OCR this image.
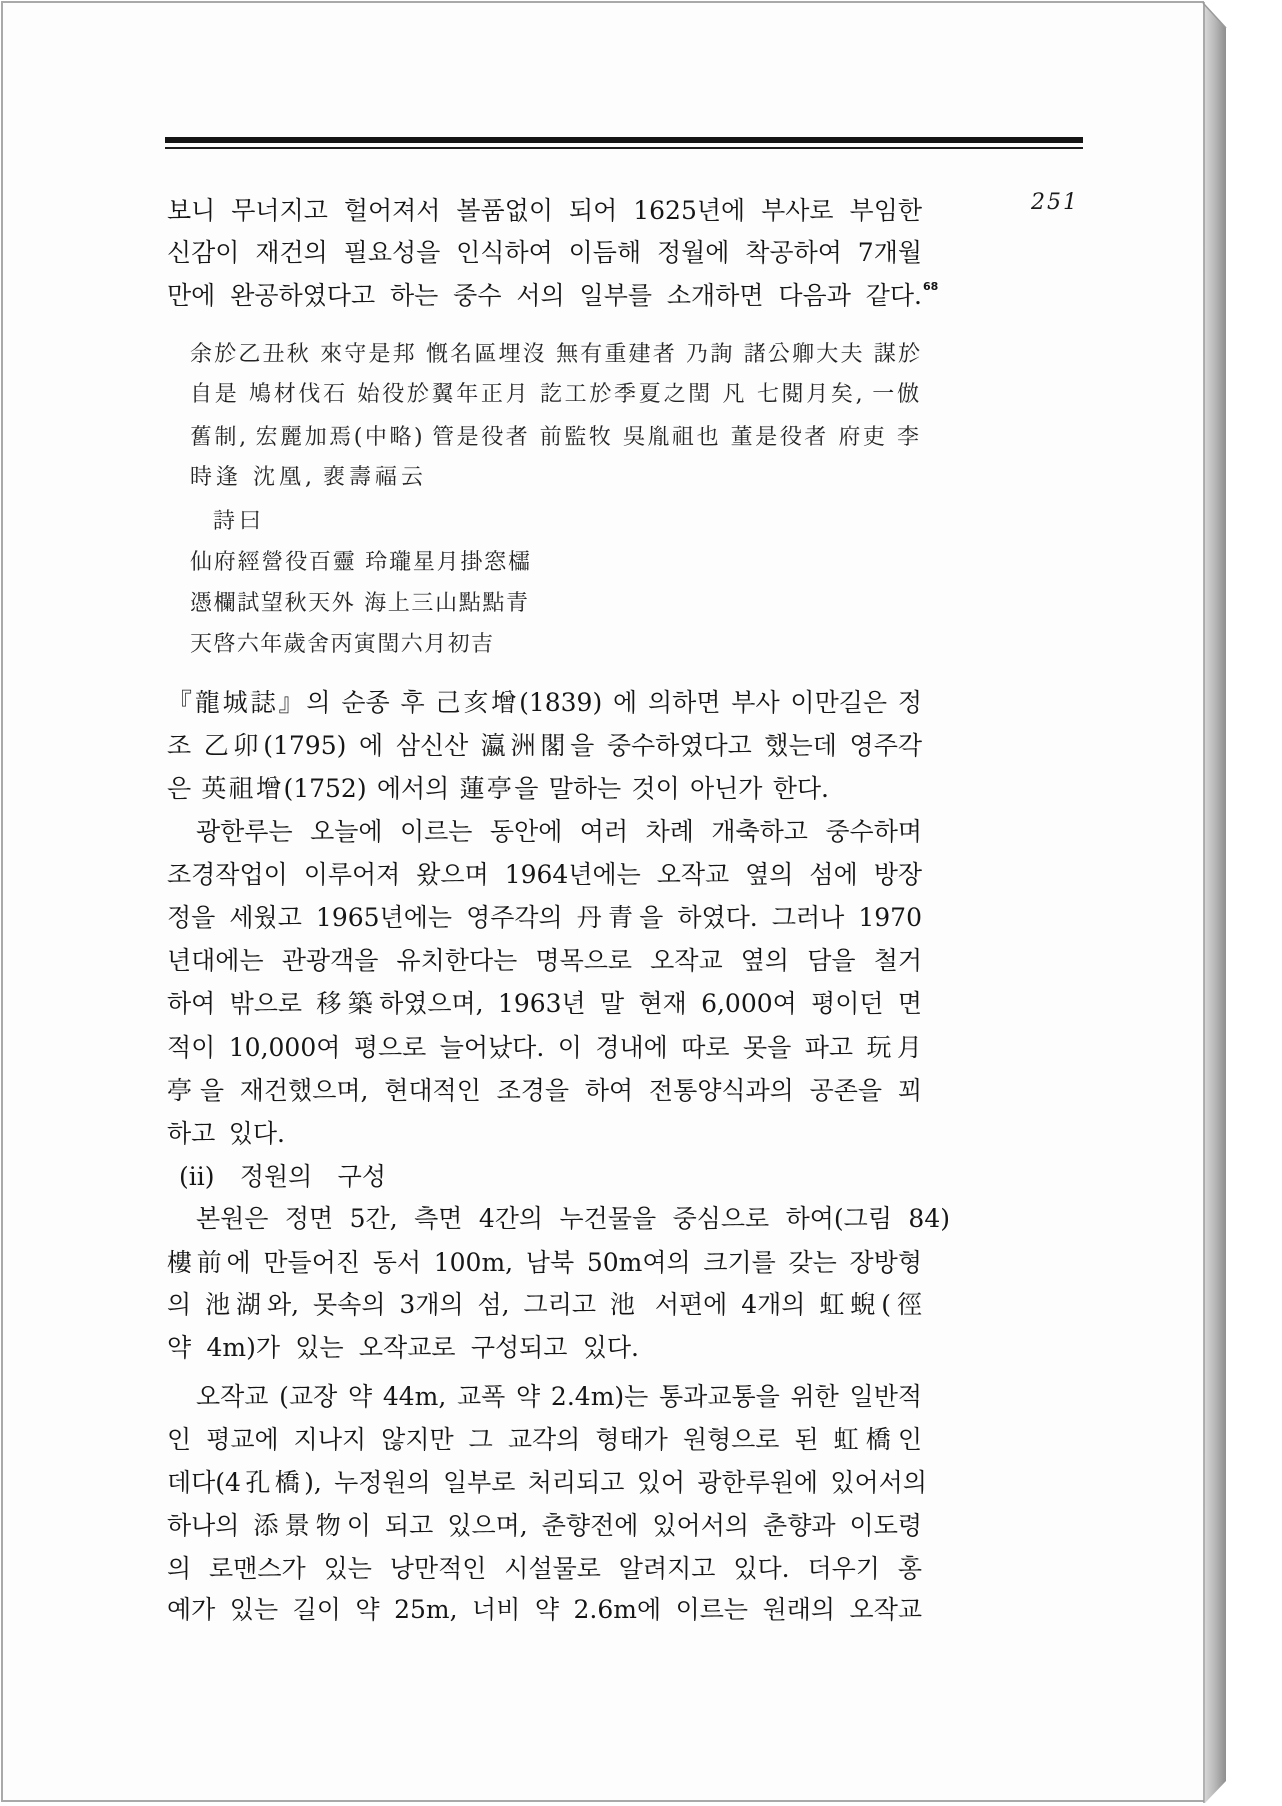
251
보니 무너지고 헐어져서 볼품없이 되어 1625년에 부사로 부임한
신감이 재건의 필요성을 인식하여 이듬해 정월에 착공하여 7개월
만에 완공하였다고 하는 중수 서의 일부를 소개하면 다음과 같다. 68
余於乙丑秋 來守是邦 慨名區埋沒 無有重建者 乃詢 諸公卿大夫 謀於
自是 鳩材伐石 始役於翼年正月 訖工於季夏之閏 凡 七閱月矣, 一倣
舊制, 宏麗加焉(中略) 管是役者 前監牧 吳胤祖也 董是役者 府吏 李
時逢 沈凰, 裵壽福云
詩曰
仙府經營役百靈 玲瓏星月掛窓櫺
憑欄試望秋天外 海上三山點點青
天啓六年歲舍丙寅閏六月初吉
『龍城誌』의 순종 후 己亥增(1839) 에 의하면 부사 이만길은 정
조 乙卯(1795) 에 삼신산 瀛洲閣을 중수하였다고 했는데 영주각
은 英祖增(1752) 에서의 蓮亭을 말하는 것이 아닌가 한다.
광한루는 오늘에 이르는 동안에 여러 차례 개축하고 중수하며
조경작업이 이루어져 왔으며 1964년에는 오작교 옆의 섬에 방장
정을 세웠고 1965년에는 영주각의 丹青을 하였다. 그러나 1970
년대에는 관광객을 유치한다는 명목으로 오작교 옆의 담을 철거
하여 밖으로 移築하였으며, 1963년 말 현재 6,000여 평이던 면
적이 10,000여 평으로 늘어났다. 이 경내에 따로 못을 파고 玩月
亭을 재건했으며, 현대적인 조경을 하여 전통양식과의 공존을 꾀
하고 있다.
(ii) 정원의 구성
본원은 정면 5간, 측면 4간의 누건물을 중심으로 하여(그림 84)
樓前에 만들어진 동서 100m, 남북 50m여의 크기를 갖는 장방형
의 池湖와, 못속의 3개의 섬, 그리고 池 서편에 4개의 虹蜺(徑
약 4m)가 있는 오작교로 구성되고 있다.
오작교 (교장 약 44m, 교폭 약 2.4m)는 통과교통을 위한 일반적
인 평교에 지나지 않지만 그 교각의 형태가 원형으로 된 虹橋인
데다(4孔橋), 누정원의 일부로 처리되고 있어 광한루원에 있어서의
하나의 添景物이 되고 있으며, 춘향전에 있어서의 춘향과 이도령
의 로맨스가 있는 낭만적인 시설물로 알려지고 있다. 더우기 홍
예가 있는 길이 약 25m, 너비 약 2.6m에 이르는 원래의 오작교
